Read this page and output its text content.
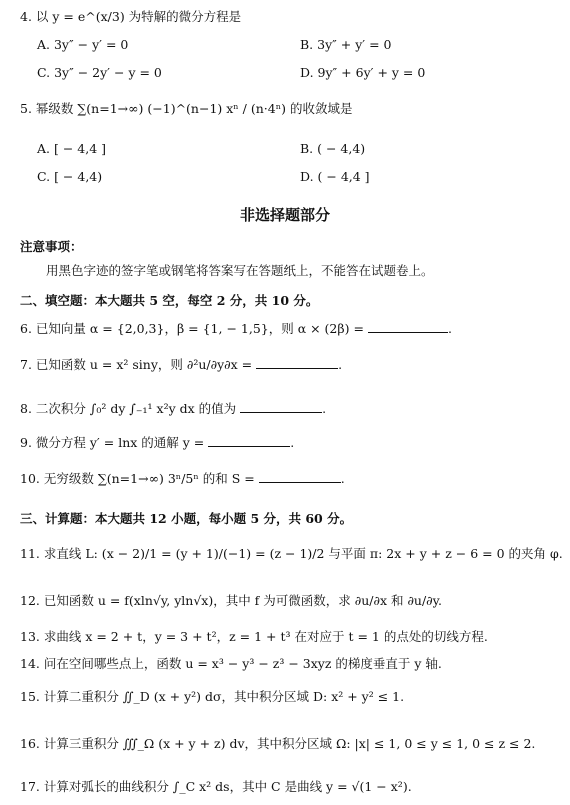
4. 以 y = e^(x/3) 为特解的微分方程是
A. 3y″ − y′ = 0	B. 3y″ + y′ = 0
C. 3y″ − 2y′ − y = 0	D. 9y″ + 6y′ + y = 0
5. 幂级数 ∑(n=1→∞) (−1)^(n−1) xⁿ / (n·4ⁿ) 的收敛域是
A. [ − 4,4 ]	B. ( − 4,4)
C. [ − 4,4)	D. ( − 4,4 ]
非选择题部分
注意事项：
用黑色字迹的签字笔或钢笔将答案写在答题纸上，不能答在试题卷上。
二、填空题：本大题共 5 空，每空 2 分，共 10 分。
6. 已知向量 α = {2,0,3}，β = {1, − 1,5}，则 α × (2β) =	.
7. 已知函数 u = x² siny，则 ∂²u/∂y∂x =	.
8. 二次积分 ∫₀² dy ∫₋₁¹ x²y dx 的值为	.
9. 微分方程 y′ = lnx 的通解 y =	.
10. 无穷级数 ∑(n=1→∞) 3ⁿ/5ⁿ 的和 S =	.
三、计算题：本大题共 12 小题，每小题 5 分，共 60 分。
11. 求直线 L: (x − 2)/1 = (y + 1)/(−1) = (z − 1)/2 与平面 π: 2x + y + z − 6 = 0 的夹角 φ.
12. 已知函数 u = f(xln√y, yln√x)，其中 f 为可微函数，求 ∂u/∂x 和 ∂u/∂y.
13. 求曲线 x = 2 + t，y = 3 + t²，z = 1 + t³ 在对应于 t = 1 的点处的切线方程.
14. 问在空间哪些点上，函数 u = x³ − y³ − z³ − 3xyz 的梯度垂直于 y 轴.
15. 计算二重积分 ∬_D (x + y²) dσ，其中积分区域 D: x² + y² ≤ 1.
16. 计算三重积分 ∭_Ω (x + y + z) dv，其中积分区域 Ω: |x| ≤ 1, 0 ≤ y ≤ 1, 0 ≤ z ≤ 2.
17. 计算对弧长的曲线积分 ∫_C x² ds，其中 C 是曲线 y = √(1 − x²).
